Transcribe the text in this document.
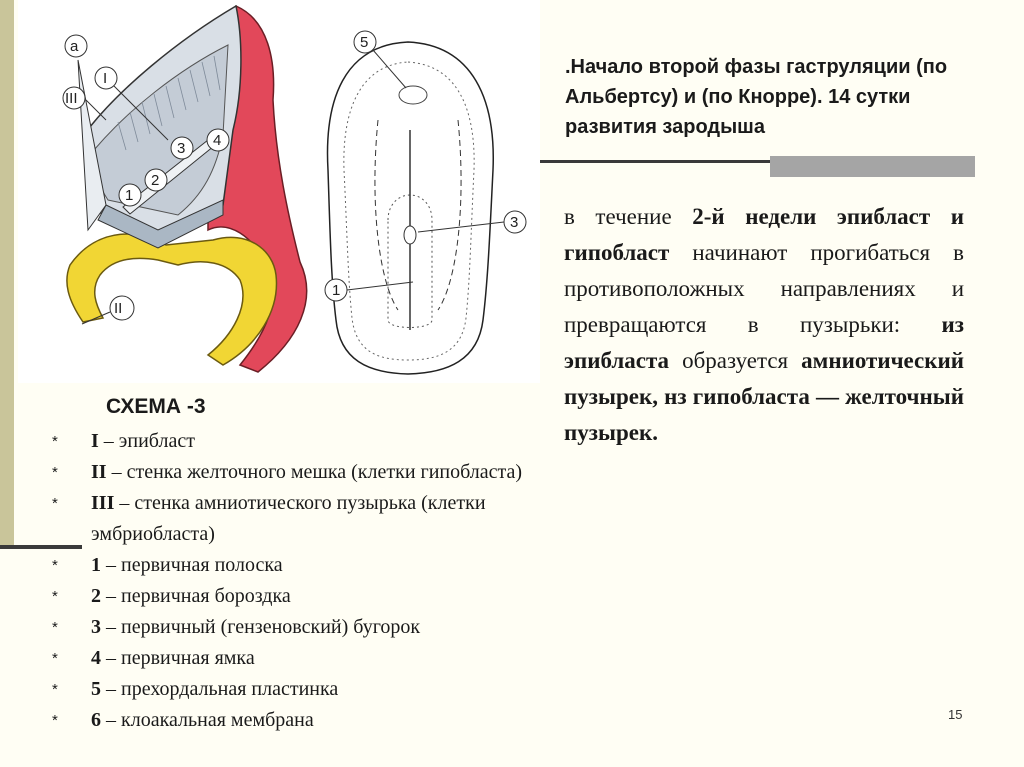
а
III
I
3 4
1
2
II
5
3
1
.Начало второй фазы гаструляции (по Альбертсу) и (по Кнорре). 14 сутки развития зародыша
в течение 2-й недели эпибласт и гипобласт начинают прогибаться в противоположных направлениях и превращаются в пузырьки: из эпибласта образуется амниотический пузырек, нз гипобласта — желточный пузырек.
СХЕМА -3
* I – эпибласт
* II – стенка желточного мешка (клетки гипобласта)
* III – стенка амниотического пузырька (клетки эмбриобласта)
* 1 – первичная полоска
* 2 – первичная бороздка
* 3 – первичный (гензеновский) бугорок
* 4 – первичная ямка
* 5 – прехордальная пластинка
* 6 – клоакальная мембрана	15
